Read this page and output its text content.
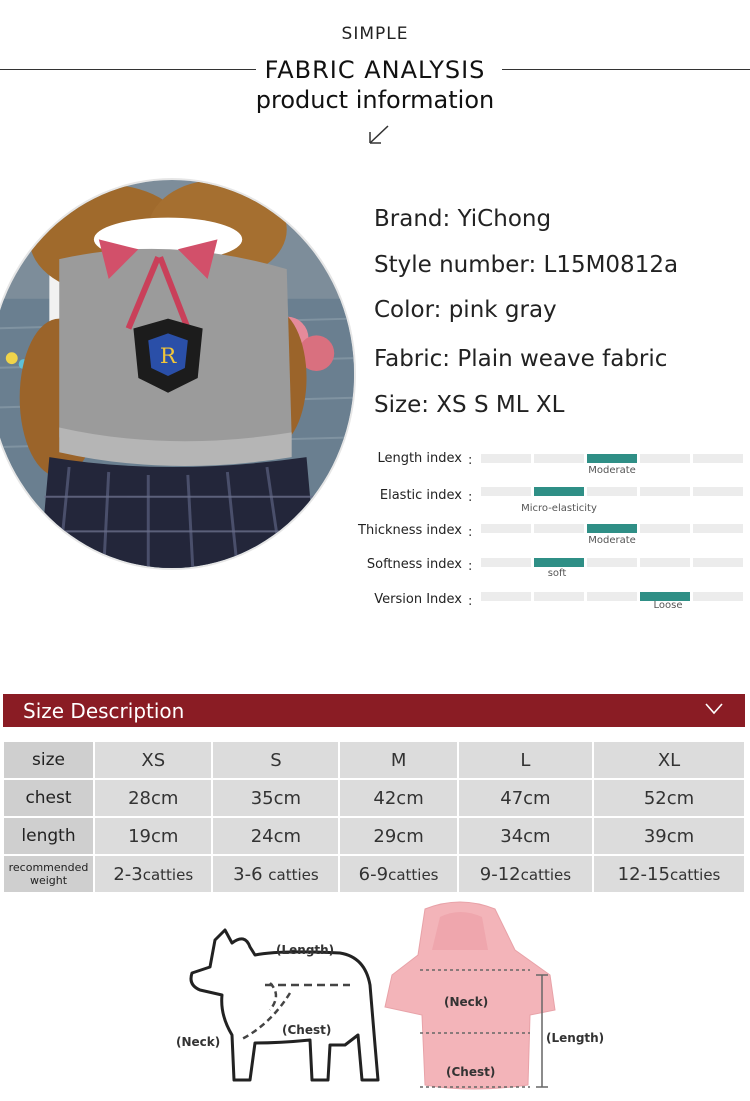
SIMPLE
FABRIC ANALYSIS
product information
R
Brand: YiChong
Style number: L15M0812a
Color: pink gray
Fabric: Plain weave fabric
Size: XS S ML XL
Length index :
Moderate
Elastic index :
Micro-elasticity
Thickness index :
Moderate
Softness index :	soft
Version Index :	Loose
Size Description
size	XS	S	M	L	XL
chest	28cm	35cm	42cm	47cm	52cm
length	19cm	24cm	29cm	34cm	39cm
recommended
weight	2-3catties	3-6 catties	6-9catties	9-12catties	12-15catties
(Length)
(Neck)
(Chest)
(Neck)
(Chest)
(Length)
